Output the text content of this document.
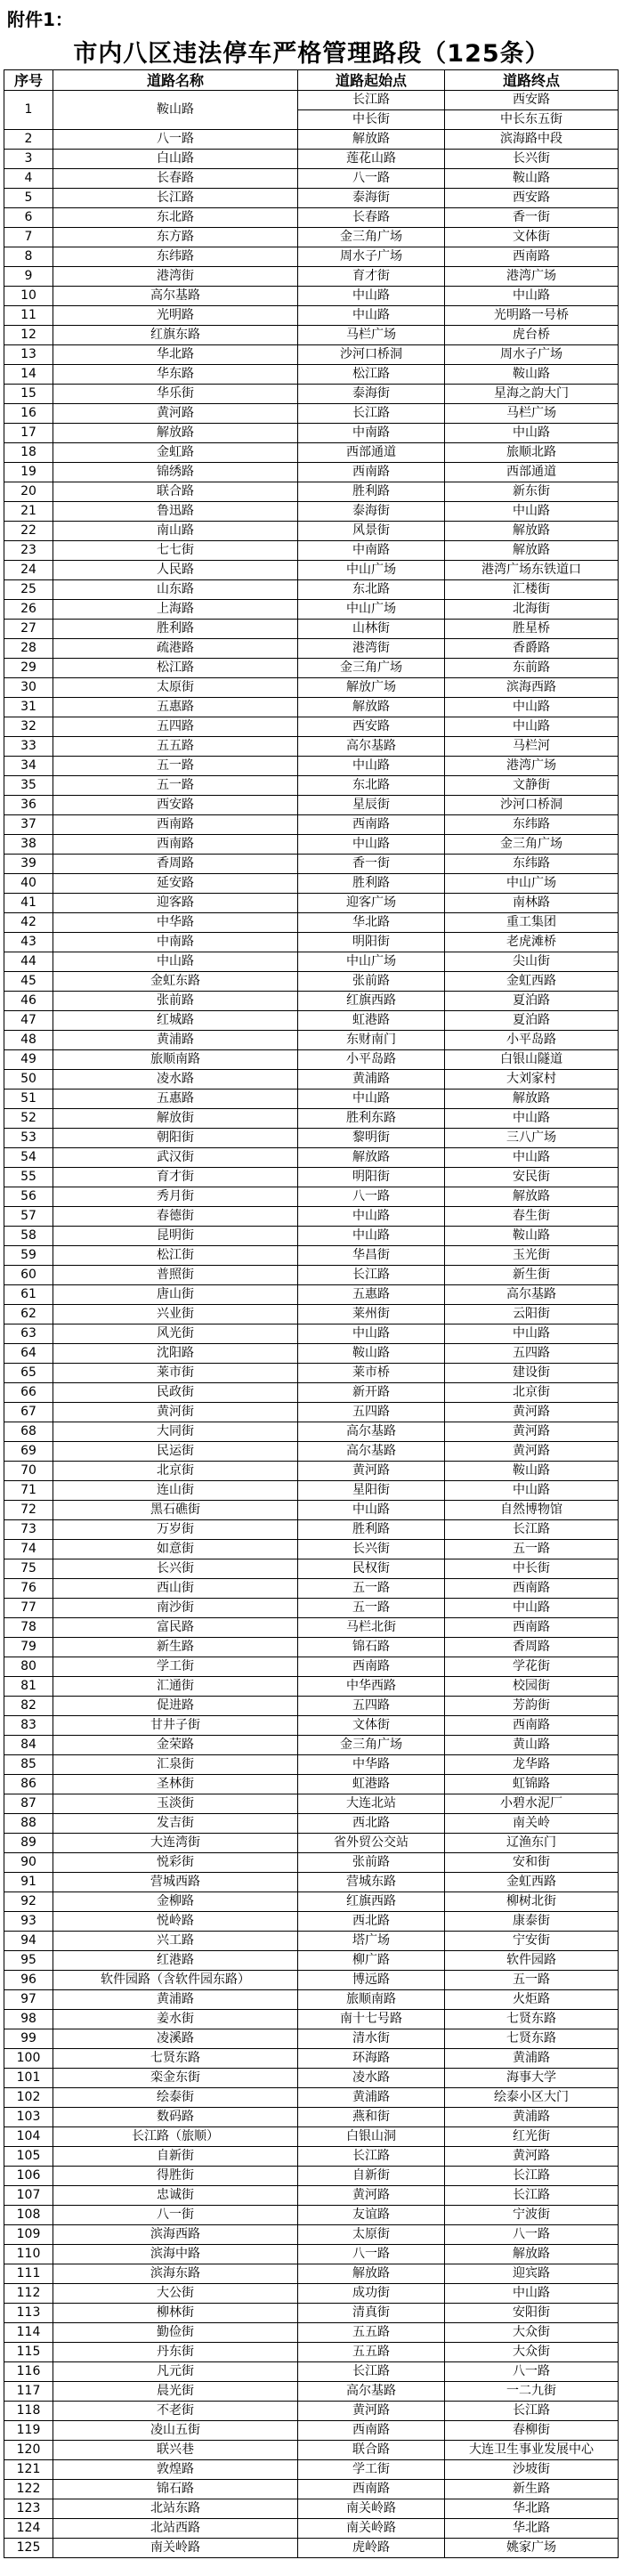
附件1：
市内八区违法停车严格管理路段（125条）
序号	道路名称	道路起始点	道路终点
1	鞍山路	长江路	西安路
		中长街	中长东五街
2	八一路	解放路	滨海路中段
3	白山路	莲花山路	长兴街
4	长春路	八一路	鞍山路
5	长江路	泰海街	西安路
6	东北路	长春路	香一街
7	东方路	金三角广场	文体街
8	东纬路	周水子广场	西南路
9	港湾街	育才街	港湾广场
10	高尔基路	中山路	中山路
11	光明路	中山路	光明路一号桥
12	红旗东路	马栏广场	虎台桥
13	华北路	沙河口桥洞	周水子广场
14	华东路	松江路	鞍山路
15	华乐街	泰海街	星海之韵大门
16	黄河路	长江路	马栏广场
17	解放路	中南路	中山路
18	金虹路	西部通道	旅顺北路
19	锦绣路	西南路	西部通道
20	联合路	胜利路	新东街
21	鲁迅路	泰海街	中山路
22	南山路	风景街	解放路
23	七七街	中南路	解放路
24	人民路	中山广场	港湾广场东铁道口
25	山东路	东北路	汇楼街
26	上海路	中山广场	北海街
27	胜利路	山林街	胜星桥
28	疏港路	港湾街	香爵路
29	松江路	金三角广场	东前路
30	太原街	解放广场	滨海西路
31	五惠路	解放路	中山路
32	五四路	西安路	中山路
33	五五路	高尔基路	马栏河
34	五一路	中山路	港湾广场
35	五一路	东北路	文静街
36	西安路	星辰街	沙河口桥洞
37	西南路	西南路	东纬路
38	西南路	中山路	金三角广场
39	香周路	香一街	东纬路
40	延安路	胜利路	中山广场
41	迎客路	迎客广场	南林路
42	中华路	华北路	重工集团
43	中南路	明阳街	老虎滩桥
44	中山路	中山广场	尖山街
45	金虹东路	张前路	金虹西路
46	张前路	红旗西路	夏泊路
47	红城路	虹港路	夏泊路
48	黄浦路	东财南门	小平岛路
49	旅顺南路	小平岛路	白银山隧道
50	凌水路	黄浦路	大刘家村
51	五惠路	中山路	解放路
52	解放街	胜利东路	中山路
53	朝阳街	黎明街	三八广场
54	武汉街	解放路	中山路
55	育才街	明阳街	安民街
56	秀月街	八一路	解放路
57	春德街	中山路	春生街
58	昆明街	中山路	鞍山路
59	松江街	华昌街	玉光街
60	普照街	长江路	新生街
61	唐山街	五惠路	高尔基路
62	兴业街	莱州街	云阳街
63	风光街	中山路	中山路
64	沈阳路	鞍山路	五四路
65	莱市街	莱市桥	建设街
66	民政街	新开路	北京街
67	黄河街	五四路	黄河路
68	大同街	高尔基路	黄河路
69	民运街	高尔基路	黄河路
70	北京街	黄河路	鞍山路
71	连山街	星阳街	中山路
72	黑石礁街	中山路	自然博物馆
73	万岁街	胜利路	长江路
74	如意街	长兴街	五一路
75	长兴街	民权街	中长街
76	西山街	五一路	西南路
77	南沙街	五一路	中山路
78	富民路	马栏北街	西南路
79	新生路	锦石路	香周路
80	学工街	西南路	学花街
81	汇通街	中华西路	校园街
82	促进路	五四路	芳韵街
83	甘井子街	文体街	西南路
84	金荣路	金三角广场	黄山路
85	汇泉街	中华路	龙华路
86	圣林街	虹港路	虹锦路
87	玉淡街	大连北站	小碧水泥厂
88	发吉街	西北路	南关岭
89	大连湾街	省外贸公交站	辽渔东门
90	悦彩街	张前路	安和街
91	营城西路	营城东路	金虹西路
92	金柳路	红旗西路	柳树北街
93	悦岭路	西北路	康泰街
94	兴工路	塔广场	宁安街
95	红港路	柳广路	软件园路
96	软件园路（含软件园东路）	博远路	五一路
97	黄浦路	旅顺南路	火炬路
98	姜水街	南十七号路	七贤东路
99	凌溪路	清水街	七贤东路
100	七贤东路	环海路	黄浦路
101	栾金东街	凌水路	海事大学
102	绘泰街	黄浦路	绘泰小区大门
103	数码路	燕和街	黄浦路
104	长江路（旅顺）	白银山洞	红光街
105	自新街	长江路	黄河路
106	得胜街	自新街	长江路
107	忠诚街	黄河路	长江路
108	八一街	友谊路	宁波街
109	滨海西路	太原街	八一路
110	滨海中路	八一路	解放路
111	滨海东路	解放路	迎宾路
112	大公街	成功街	中山路
113	柳林街	清真街	安阳街
114	勤俭街	五五路	大众街
115	丹东街	五五路	大众街
116	凡元街	长江路	八一路
117	晨光街	高尔基路	一二九街
118	不老街	黄河路	长江路
119	凌山五街	西南路	春柳街
120	联兴巷	联合路	大连卫生事业发展中心
121	敦煌路	学工街	沙坡街
122	锦石路	西南路	新生路
123	北站东路	南关岭路	华北路
124	北站西路	南关岭路	华北路
125	南关岭路	虎岭路	姚家广场
